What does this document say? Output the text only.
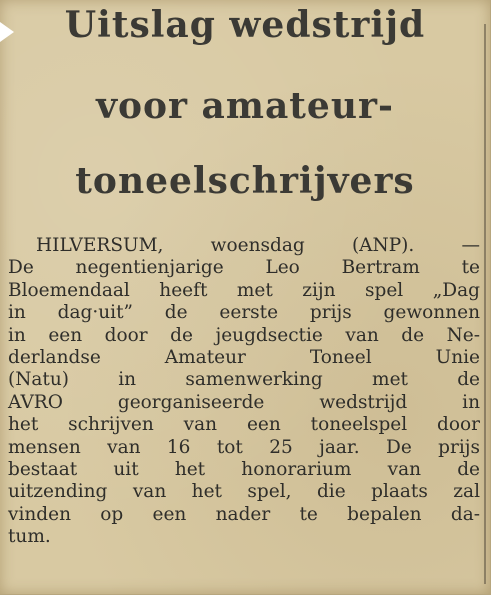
Uitslag wedstrijd
voor amateur-
toneelschrijvers
HILVERSUM, woensdag (ANP). —
De negentienjarige Leo Bertram te
Bloemendaal heeft met zijn spel „Dag
in dag·uit” de eerste prijs gewonnen
in een door de jeugdsectie van de Ne-
derlandse Amateur Toneel Unie
(Natu) in samenwerking met de
AVRO georganiseerde wedstrijd in
het schrijven van een toneelspel door
mensen van 16 tot 25 jaar. De prijs
bestaat uit het honorarium van de
uitzending van het spel, die plaats zal
vinden op een nader te bepalen da-
tum.
